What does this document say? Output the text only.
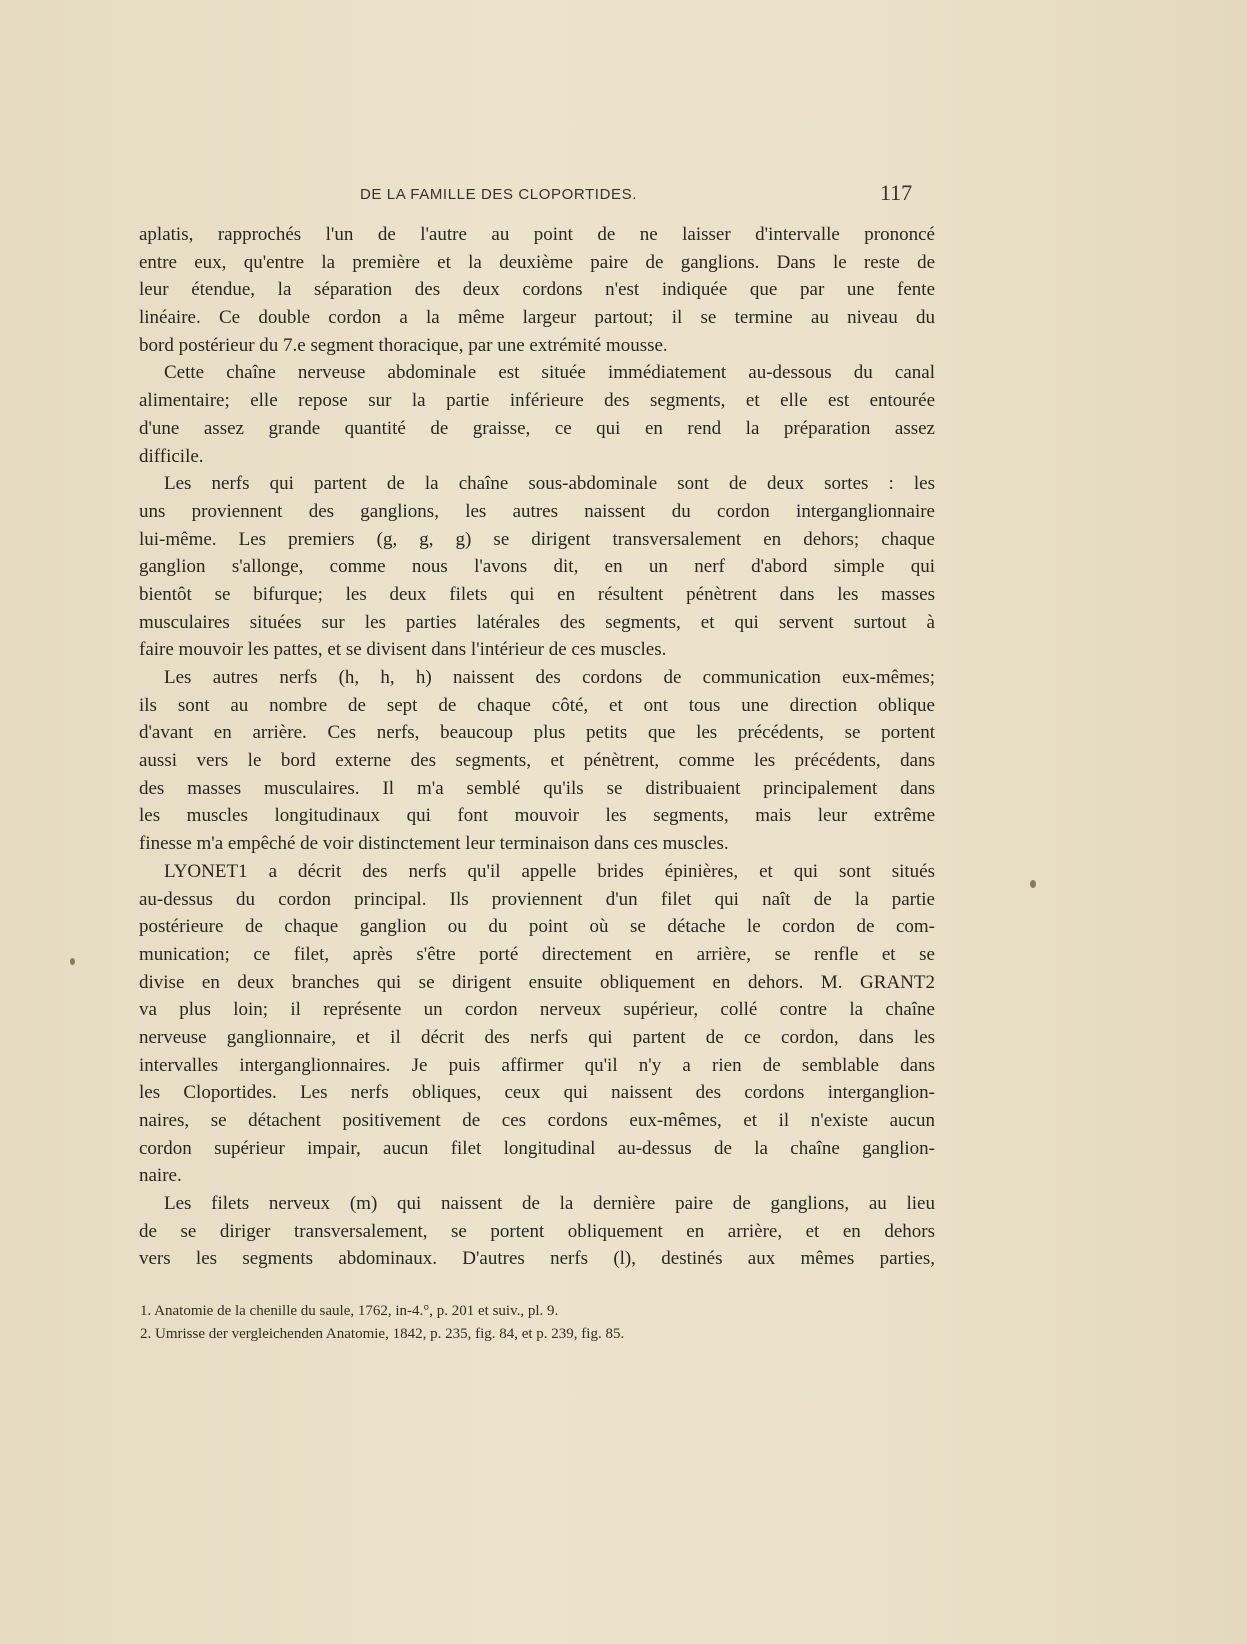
DE LA FAMILLE DES CLOPORTIDES.	117
aplatis, rapprochés l'un de l'autre au point de ne laisser d'intervalle prononcé
entre eux, qu'entre la première et la deuxième paire de ganglions. Dans le reste de
leur étendue, la séparation des deux cordons n'est indiquée que par une fente
linéaire. Ce double cordon a la même largeur partout; il se termine au niveau du
bord postérieur du 7.e segment thoracique, par une extrémité mousse.
Cette chaîne nerveuse abdominale est située immédiatement au-dessous du canal
alimentaire; elle repose sur la partie inférieure des segments, et elle est entourée
d'une assez grande quantité de graisse, ce qui en rend la préparation assez
difficile.
Les nerfs qui partent de la chaîne sous-abdominale sont de deux sortes : les
uns proviennent des ganglions, les autres naissent du cordon interganglionnaire
lui-même. Les premiers (g, g, g) se dirigent transversalement en dehors; chaque
ganglion s'allonge, comme nous l'avons dit, en un nerf d'abord simple qui
bientôt se bifurque; les deux filets qui en résultent pénètrent dans les masses
musculaires situées sur les parties latérales des segments, et qui servent surtout à
faire mouvoir les pattes, et se divisent dans l'intérieur de ces muscles.
Les autres nerfs (h, h, h) naissent des cordons de communication eux-mêmes;
ils sont au nombre de sept de chaque côté, et ont tous une direction oblique
d'avant en arrière. Ces nerfs, beaucoup plus petits que les précédents, se portent
aussi vers le bord externe des segments, et pénètrent, comme les précédents, dans
des masses musculaires. Il m'a semblé qu'ils se distribuaient principalement dans
les muscles longitudinaux qui font mouvoir les segments, mais leur extrême
finesse m'a empêché de voir distinctement leur terminaison dans ces muscles.
LYONET1 a décrit des nerfs qu'il appelle brides épinières, et qui sont situés
au-dessus du cordon principal. Ils proviennent d'un filet qui naît de la partie
postérieure de chaque ganglion ou du point où se détache le cordon de com-
munication; ce filet, après s'être porté directement en arrière, se renfle et se
divise en deux branches qui se dirigent ensuite obliquement en dehors. M. GRANT2
va plus loin; il représente un cordon nerveux supérieur, collé contre la chaîne
nerveuse ganglionnaire, et il décrit des nerfs qui partent de ce cordon, dans les
intervalles interganglionnaires. Je puis affirmer qu'il n'y a rien de semblable dans
les Cloportides. Les nerfs obliques, ceux qui naissent des cordons interganglion-
naires, se détachent positivement de ces cordons eux-mêmes, et il n'existe aucun
cordon supérieur impair, aucun filet longitudinal au-dessus de la chaîne ganglion-
naire.
Les filets nerveux (m) qui naissent de la dernière paire de ganglions, au lieu
de se diriger transversalement, se portent obliquement en arrière, et en dehors
vers les segments abdominaux. D'autres nerfs (l), destinés aux mêmes parties,
1. Anatomie de la chenille du saule, 1762, in-4.°, p. 201 et suiv., pl. 9.
2. Umrisse der vergleichenden Anatomie, 1842, p. 235, fig. 84, et p. 239, fig. 85.
